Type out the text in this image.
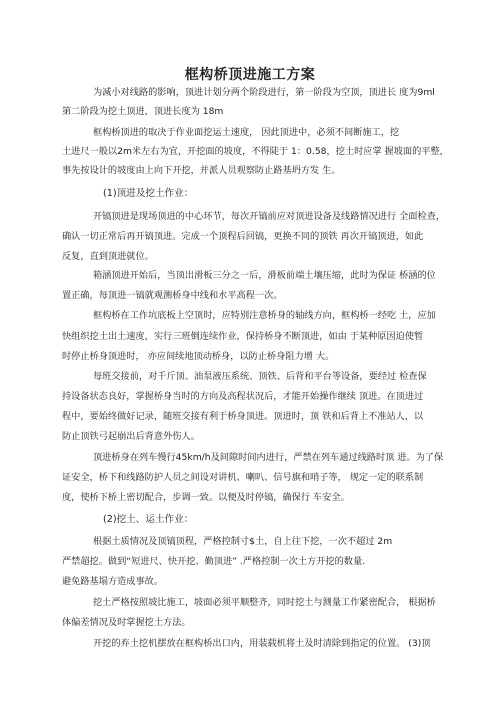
框构桥顶进施工方案
为减小对线路的影响，顶进计划分两个阶段进行，第一阶段为空顶，顶进长 度为9ml
第二阶段为挖土顶进，顶进长度为 18m
框构桥顶进的取决于作业面挖运土速度， 因此顶进中，必须不间断施工，挖
土进尺一般以2m米左右为宜，开挖面的坡度，不得陡于 1：0.58，挖土时应掌 握坡面的平整，
事先按设计的坡度由上向下开挖，并派人员观察防止路基坍方发 生。
(1)顶进及挖土作业：
开镐顶进是现场顶进的中心环节，每次开镐前应对顶进设备及线路情况进行 全面检查，
确认一切正常后再开镐顶进。完成一个顶程后回镐，更换不同的顶铁 再次开镐顶进，如此
反复，直到顶进就位。
箱涵顶进开始后，当顶出滑板三分之一后，滑板前端土壤压缩，此时为保证 桥涵的位
置正确，每顶进一镐就观测桥身中线和水平高程一次。
框构桥在工作坑底板上空顶时，应特别注意桥身的轴线方向，框构桥一经吃 土，应加
快组织挖土出土速度，实行三班倒连续作业，保持桥身不断顶进，如由 于某种原因迫使暂
时停止桥身顶进时， 亦应间续地顶动桥身，以防止桥身阻力增 大。
每班交接前，对千斤顶、油泵液压系统、顶铁、后背和平台等设备，要经过 检查保
持设备状态良好，掌握桥身当时的方向及高程状况后，才能开始操作继续 顶进。在顶进过
程中，要始终做好记录，随班交接有利于桥身顶进。顶进时，顶 铁和后背上不准站人，以
防止顶铁弓起崩出后背意外伤人。
顶进桥身在列车慢行45km/h及间隙时间内进行，严禁在列车通过线路时顶 进。为了保
证安全，桥下和线路防护人员之间设对讲机、喇叭、信号旗和哨子等， 规定一定的联系制
度，使桥下桥上密切配合，步调一致。以便及时停镐，确保行 车安全。
(2)挖土、运土作业：
根据土质情况及顶镐顶程，严格控制寸$土，自上往下挖，一次不超过 2m
严禁超挖。做到“短进尺、快开挖、勤顶进” .严格控制一次土方开挖的数量.
避免路基塌方造成事故。
挖土严格按照坡比施工，坡面必须平顺整齐，同时挖土与测量工作紧密配合， 根据桥
体偏差情况及时掌握挖土方法。
开挖的弃土挖机摆放在框构桥出口内，用装载机将土及时清除到指定的位置。 (3)顶
